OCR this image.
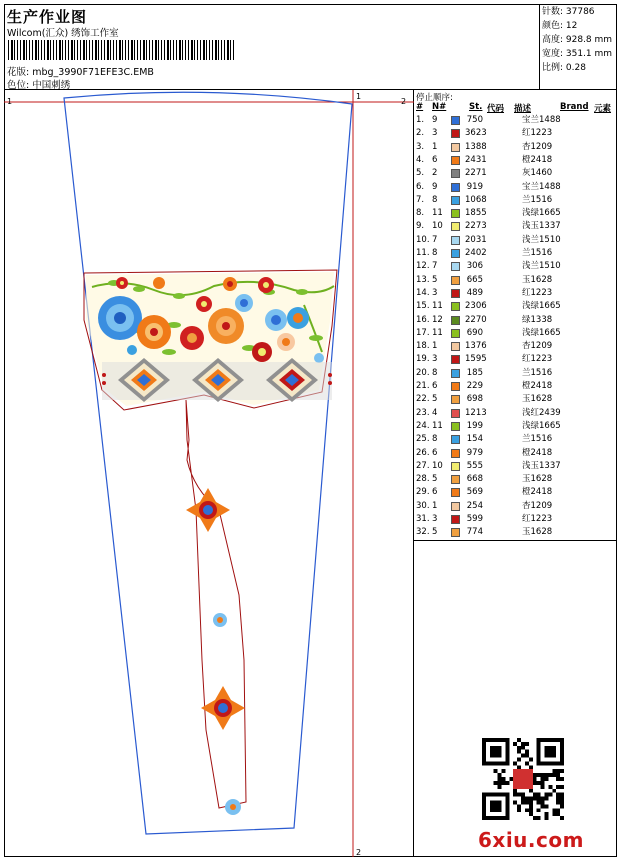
生产作业图
Wilcom(汇众) 绣饰工作室
花版: mbg_3990F71EFE3C.EMB
色位: 中国刺绣
针数: 37786
颜色: 12
高度: 928.8 mm
宽度: 351.1 mm
比例: 0.28
1	2
1
2
停止顺序:
# N#	St. 代码 描述	Brand 元素
1. 9	750	宝兰1488
2. 3	3623	红1223
3. 1	1388	杏1209
4. 6	2431	橙2418
5. 2	2271	灰1460
6. 9	919	宝兰1488
7. 8	1068	兰1516
8. 11	1855	浅绿1665
9. 10	2273	浅玉1337
10. 7	2031	浅兰1510
11. 8	2402	兰1516
12. 7	306	浅兰1510
13. 5	665	玉1628
14. 3	489	红1223
15. 11	2306	浅绿1665
16. 12	2270	绿1338
17. 11	690	浅绿1665
18. 1	1376	杏1209
19. 3	1595	红1223
20. 8	185	兰1516
21. 6	229	橙2418
22. 5	698	玉1628
23. 4	1213	浅红2439
24. 11	199	浅绿1665
25. 8	154	兰1516
26. 6	979	橙2418
27. 10	555	浅玉1337
28. 5	668	玉1628
29. 6	569	橙2418
30. 1	254	杏1209
31. 3	599	红1223
32. 5	774	玉1628
6xiu.com
